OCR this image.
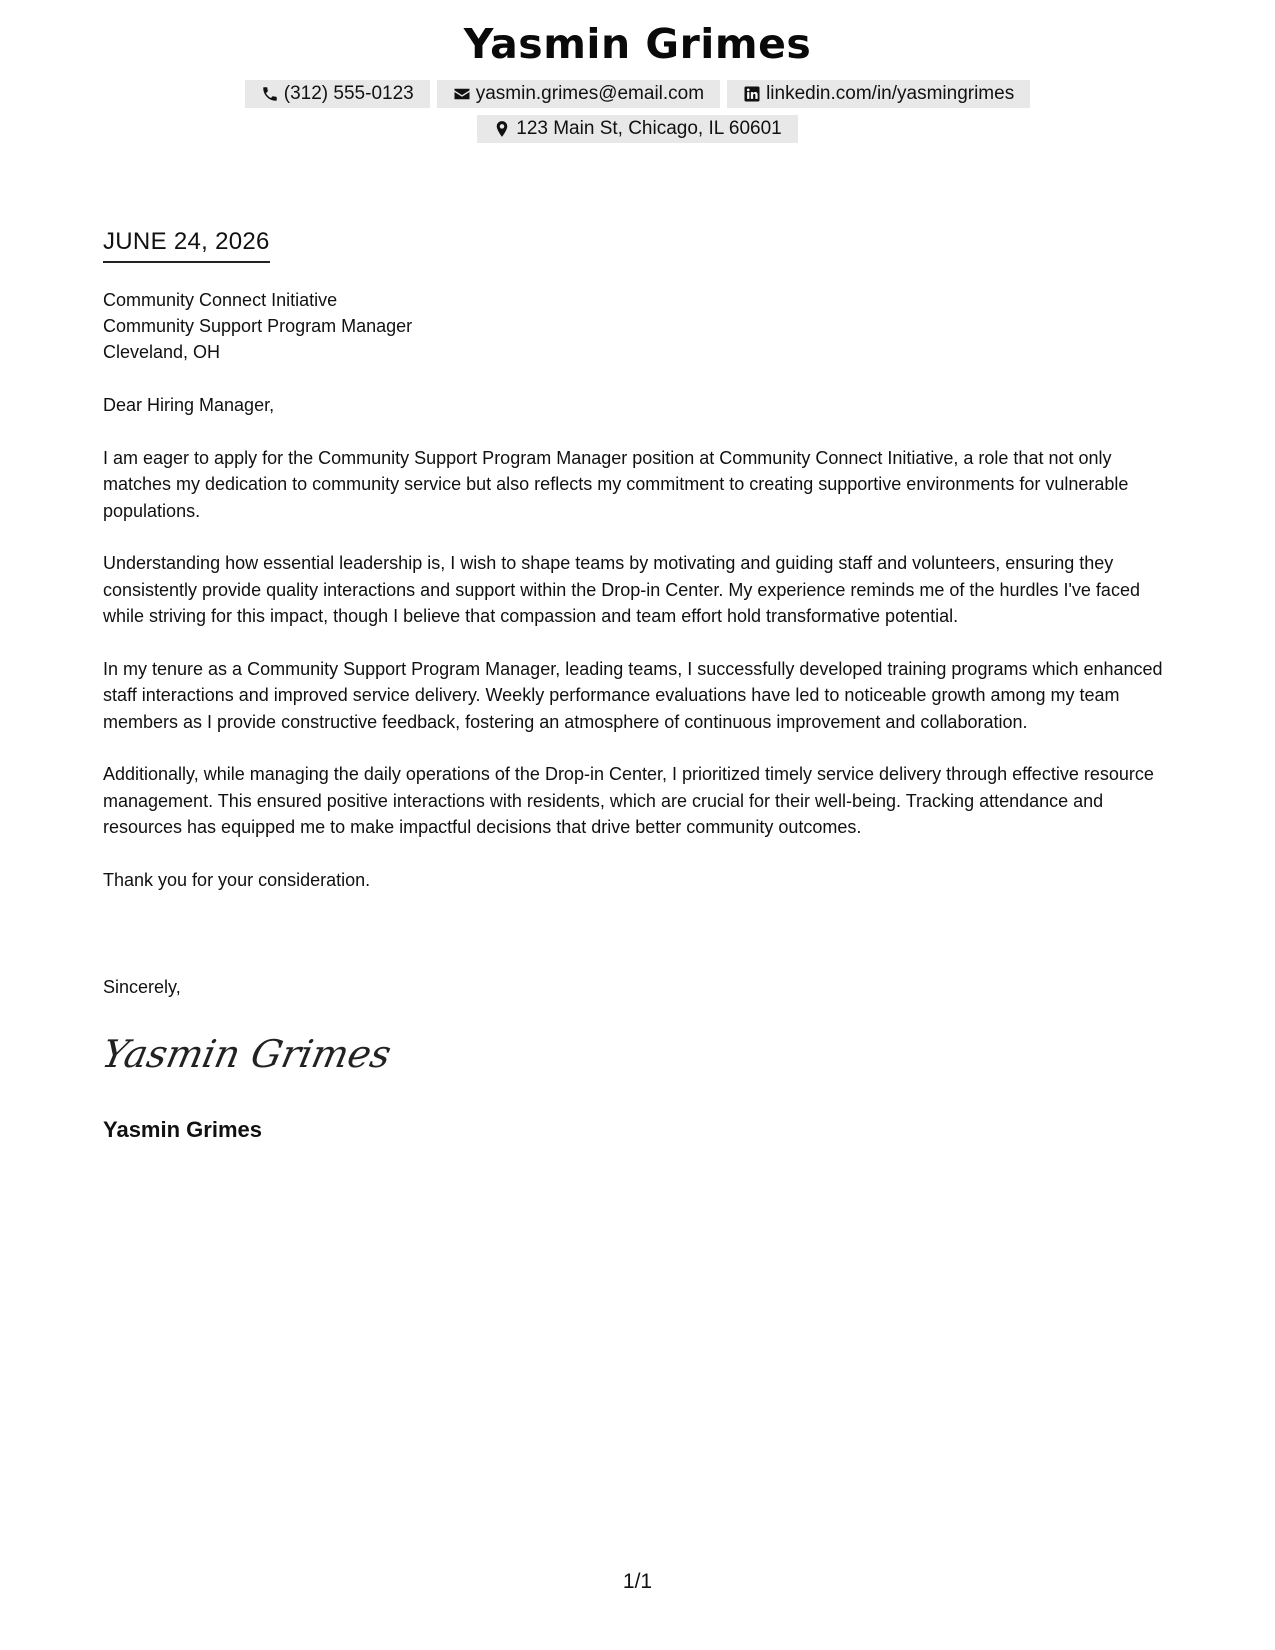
Yasmin Grimes
(312) 555-0123	yasmin.grimes@email.com	linkedin.com/in/yasmingrimes
123 Main St, Chicago, IL 60601
JUNE 24, 2026
Community Connect Initiative
Community Support Program Manager
Cleveland, OH

Dear Hiring Manager,

I am eager to apply for the Community Support Program Manager position at Community Connect Initiative, a role that not only matches my dedication to community service but also reflects my commitment to creating supportive environments for vulnerable populations.

Understanding how essential leadership is, I wish to shape teams by motivating and guiding staff and volunteers, ensuring they consistently provide quality interactions and support within the Drop-in Center. My experience reminds me of the hurdles I've faced while striving for this impact, though I believe that compassion and team effort hold transformative potential.

In my tenure as a Community Support Program Manager, leading teams, I successfully developed training programs which enhanced staff interactions and improved service delivery. Weekly performance evaluations have led to noticeable growth among my team members as I provide constructive feedback, fostering an atmosphere of continuous improvement and collaboration.

Additionally, while managing the daily operations of the Drop-in Center, I prioritized timely service delivery through effective resource management. This ensured positive interactions with residents, which are crucial for their well-being. Tracking attendance and resources has equipped me to make impactful decisions that drive better community outcomes.

Thank you for your consideration.

Sincerely,
Yasmin Grimes
Yasmin Grimes
1/1
